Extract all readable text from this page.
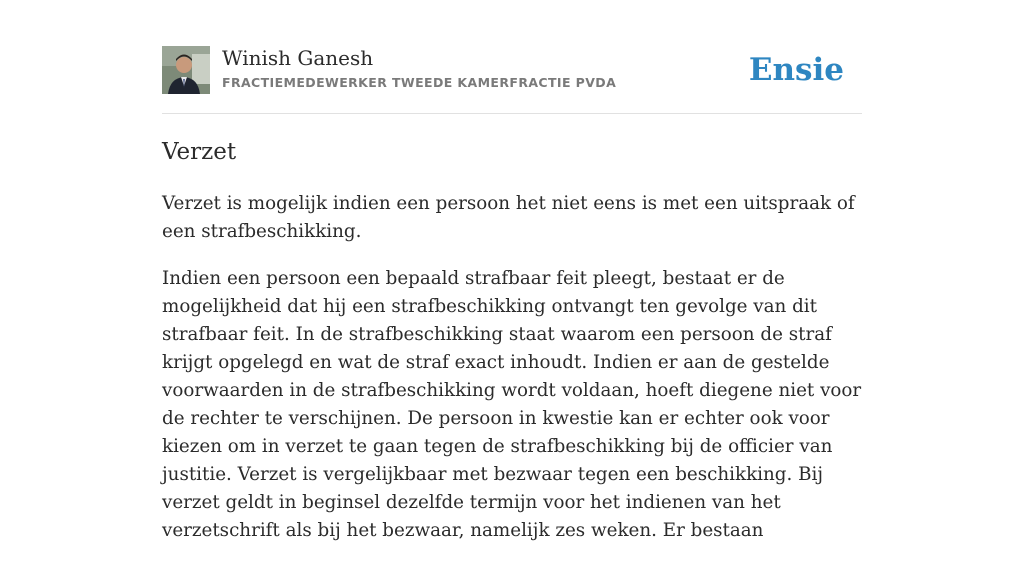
Winish Ganesh
FRACTIEMEDEWERKER TWEEDE KAMERFRACTIE PVDA	Ensie
Verzet

Verzet is mogelijk indien een persoon het niet eens is met een uitspraak of een strafbeschikking.

Indien een persoon een bepaald strafbaar feit pleegt, bestaat er de mogelijkheid dat hij een strafbeschikking ontvangt ten gevolge van dit strafbaar feit. In de strafbeschikking staat waarom een persoon de straf krijgt opgelegd en wat de straf exact inhoudt. Indien er aan de gestelde voorwaarden in de strafbeschikking wordt voldaan, hoeft diegene niet voor de rechter te verschijnen. De persoon in kwestie kan er echter ook voor kiezen om in verzet te gaan tegen de strafbeschikking bij de officier van justitie. Verzet is vergelijkbaar met bezwaar tegen een beschikking. Bij verzet geldt in beginsel dezelfde termijn voor het indienen van het verzetschrift als bij het bezwaar, namelijk zes weken. Er bestaan
